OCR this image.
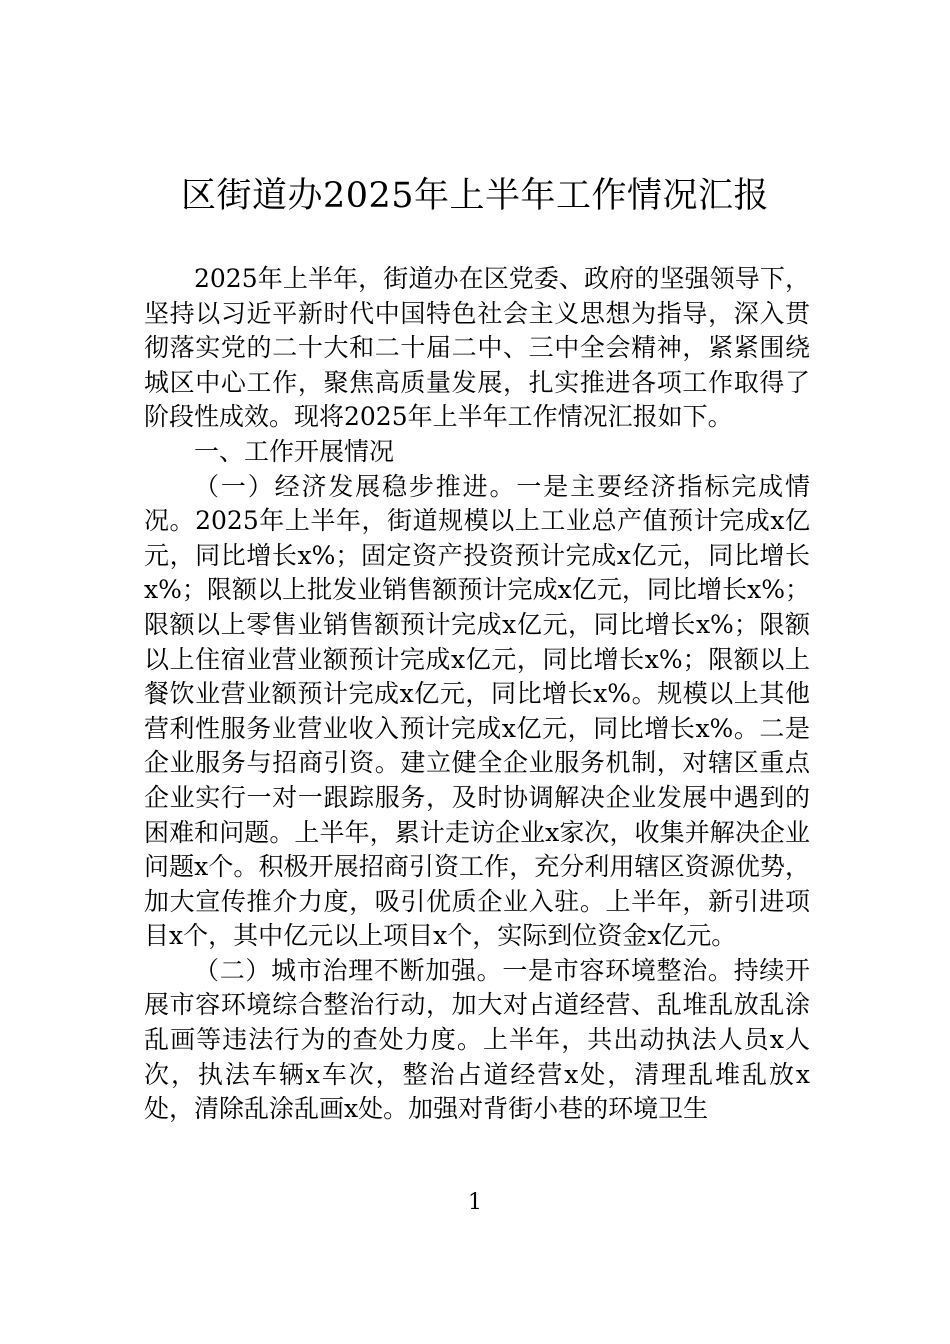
区街道办2025年上半年工作情况汇报

2025年上半年，街道办在区党委、政府的坚强领导下，坚持以习近平新时代中国特色社会主义思想为指导，深入贯彻落实党的二十大和二十届二中、三中全会精神，紧紧围绕城区中心工作，聚焦高质量发展，扎实推进各项工作取得了阶段性成效。现将2025年上半年工作情况汇报如下。

一、工作开展情况

（一）经济发展稳步推进。一是主要经济指标完成情况。2025年上半年，街道规模以上工业总产值预计完成x亿元，同比增长x%；固定资产投资预计完成x亿元，同比增长x%；限额以上批发业销售额预计完成x亿元，同比增长x%；限额以上零售业销售额预计完成x亿元，同比增长x%；限额以上住宿业营业额预计完成x亿元，同比增长x%；限额以上餐饮业营业额预计完成x亿元，同比增长x%。规模以上其他营利性服务业营业收入预计完成x亿元，同比增长x%。二是企业服务与招商引资。建立健全企业服务机制，对辖区重点企业实行一对一跟踪服务，及时协调解决企业发展中遇到的困难和问题。上半年，累计走访企业x家次，收集并解决企业问题x个。积极开展招商引资工作，充分利用辖区资源优势，加大宣传推介力度，吸引优质企业入驻。上半年，新引进项目x个，其中亿元以上项目x个，实际到位资金x亿元。

（二）城市治理不断加强。一是市容环境整治。持续开展市容环境综合整治行动，加大对占道经营、乱堆乱放乱涂乱画等违法行为的查处力度。上半年，共出动执法人员x人次，执法车辆x车次，整治占道经营x处，清理乱堆乱放x处，清除乱涂乱画x处。加强对背街小巷的环境卫生

1
